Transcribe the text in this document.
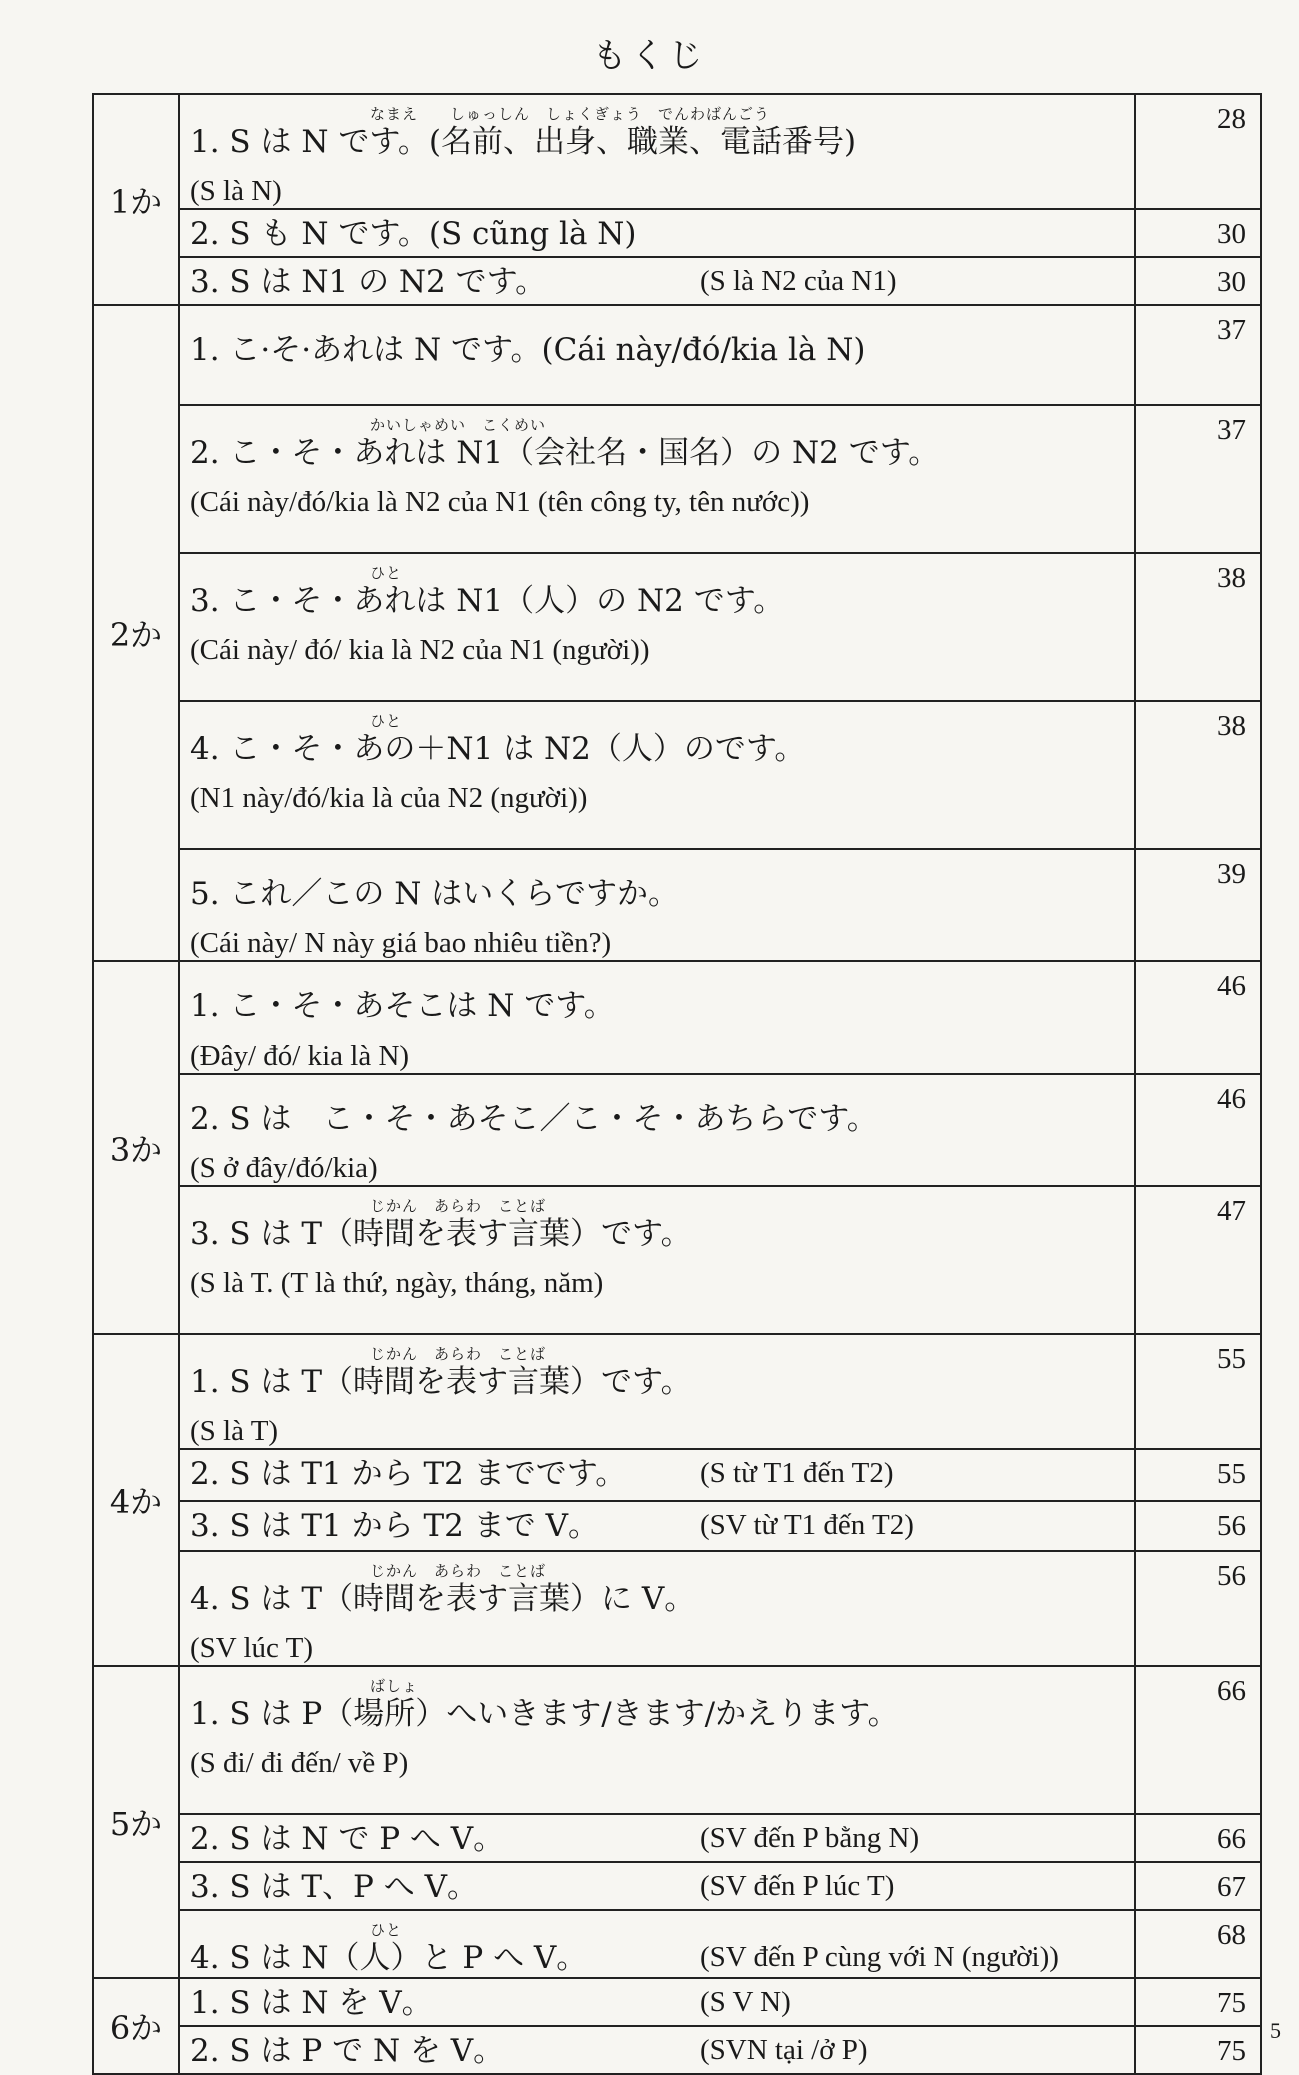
もくじ
1か	なまえ　　しゅっしん　しょくぎょう　でんわばんごう
1. S は N です。(名前、出身、職業、電話番号)
(S là N)	28

	2. S も N です。(S cũng là N)	30

	3. S は N1 の N2 です。 (S là N2 của N1)	30
2か	1. こ·そ·あれは N です。(Cái này/đó/kia là N)	37

	かいしゃめい　こくめい
2. こ・そ・あれは N1（会社名・国名）の N2 です。
(Cái này/đó/kia là N2 của N1 (tên công ty, tên nước))	37

	ひと
3. こ・そ・あれは N1（人）の N2 です。
(Cái này/ đó/ kia là N2 của N1 (người))	38

	ひと
4. こ・そ・あの＋N1 は N2（人）のです。
(N1 này/đó/kia là của N2 (người))	38

	5. これ／この N はいくらですか。
(Cái này/ N này giá bao nhiêu tiền?)	39
3か	1. こ・そ・あそこは N です。
(Đây/ đó/ kia là N)	46

	2. S は　こ・そ・あそこ／こ・そ・あちらです。
(S ở đây/đó/kia)	46

	じかん　あらわ　ことば
3. S は T（時間を表す言葉）です。
(S là T. (T là thứ, ngày, tháng, năm)	47
4か	じかん　あらわ　ことば
1. S は T（時間を表す言葉）です。
(S là T)	55

	2. S は T1 から T2 までです。 (S từ T1 đến T2)	55

	3. S は T1 から T2 まで V。 (SV từ T1 đến T2)	56

	じかん　あらわ　ことば
4. S は T（時間を表す言葉）に V。
(SV lúc T)	56
5か	ばしょ
1. S は P（場所）へいきます/きます/かえります。
(S đi/ đi đến/ về P)	66

	2. S は N で P へ V。 (SV đến P bằng N)	66

	3. S は T、P へ V。 (SV đến P lúc T)	67

	ひと
4. S は N（人）と P へ V。 (SV đến P cùng với N (người))	68
6か	1. S は N を V。 (S V N)	75

	2. S は P で N を V。 (SVN tại /ở P)	75
5
